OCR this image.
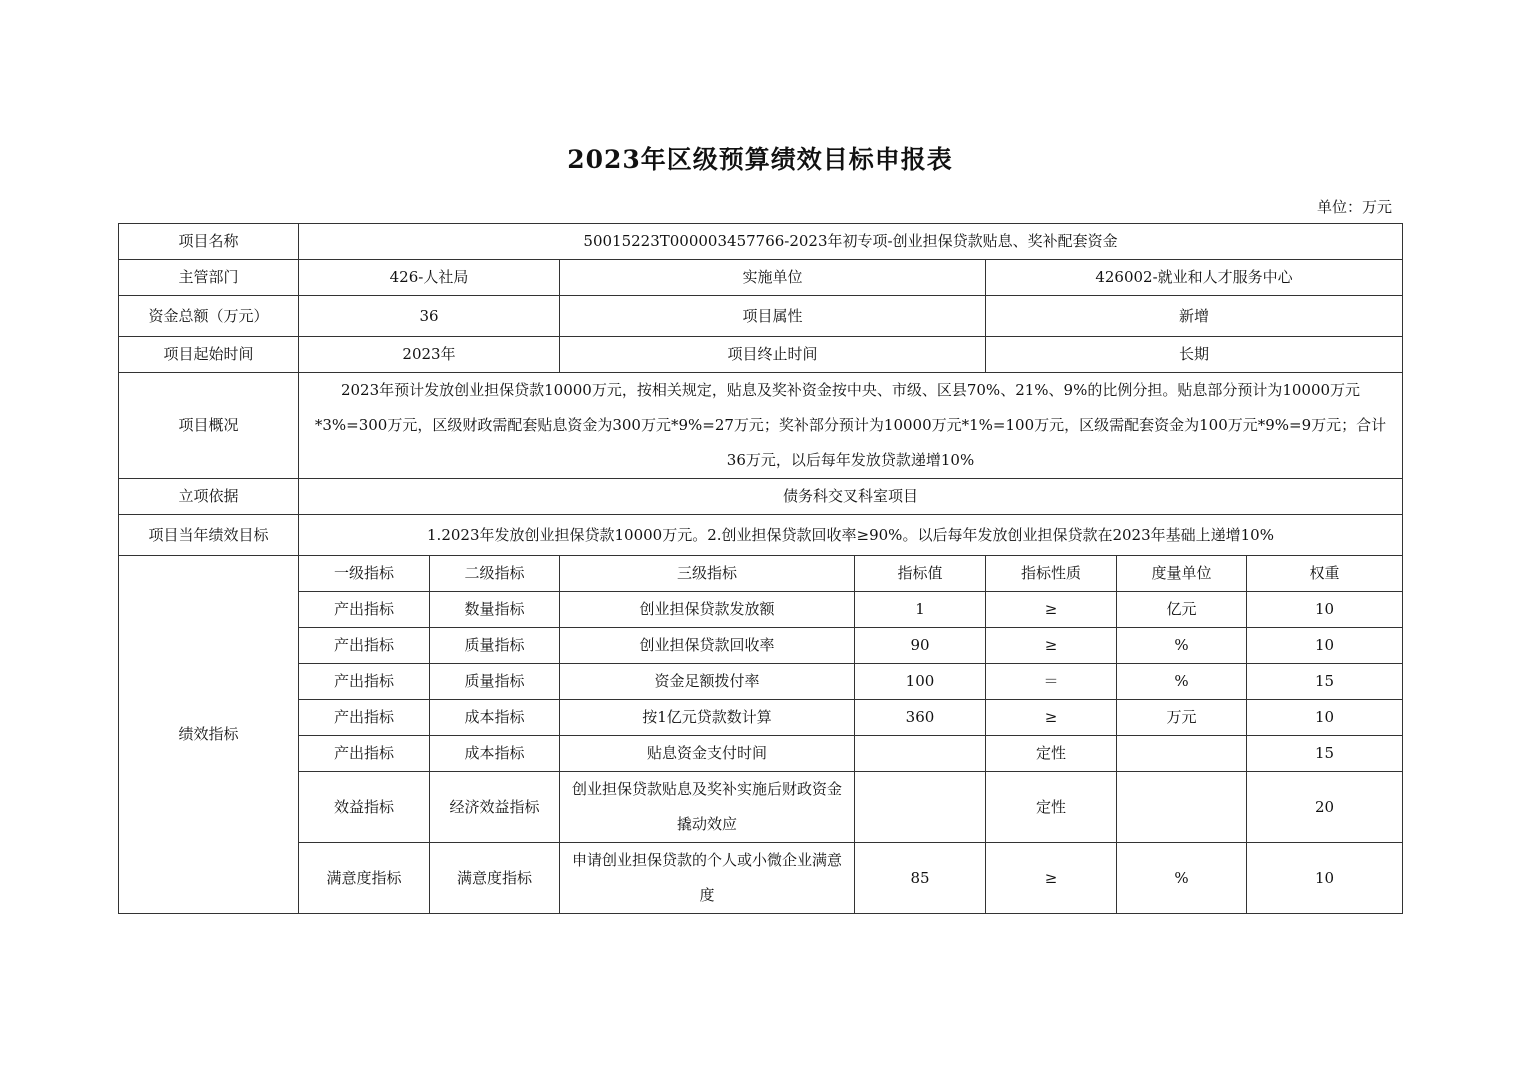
2023年区级预算绩效目标申报表
单位：万元
项目名称	50015223T000003457766-2023年初专项-创业担保贷款贴息、奖补配套资金						
主管部门	426-人社局		实施单位		426002-就业和人才服务中心		
资金总额（万元）	36		项目属性		新增		
项目起始时间	2023年		项目终止时间		长期		
项目概况	2023年预计发放创业担保贷款10000万元，按相关规定，贴息及奖补资金按中央、市级、区县70%、21%、9%的比例分担。贴息部分预计为10000万元*3%=300万元，区级财政需配套贴息资金为300万元*9%=27万元；奖补部分预计为10000万元*1%=100万元，区级需配套资金为100万元*9%=9万元；合计36万元，以后每年发放贷款递增10%						
立项依据	债务科交叉科室项目						
项目当年绩效目标	1.2023年发放创业担保贷款10000万元。2.创业担保贷款回收率≥90%。以后每年发放创业担保贷款在2023年基础上递增10%						
绩效指标	一级指标	二级指标	三级指标	指标值	指标性质	度量单位	权重
	产出指标	数量指标	创业担保贷款发放额	1	≥	亿元	10
	产出指标	质量指标	创业担保贷款回收率	90	≥	%	10
	产出指标	质量指标	资金足额拨付率	100	＝	%	15
	产出指标	成本指标	按1亿元贷款数计算	360	≥	万元	10
	产出指标	成本指标	贴息资金支付时间		定性		15
	效益指标	经济效益指标	创业担保贷款贴息及奖补实施后财政资金撬动效应		定性		20
	满意度指标	满意度指标	申请创业担保贷款的个人或小微企业满意度	85	≥	%	10
